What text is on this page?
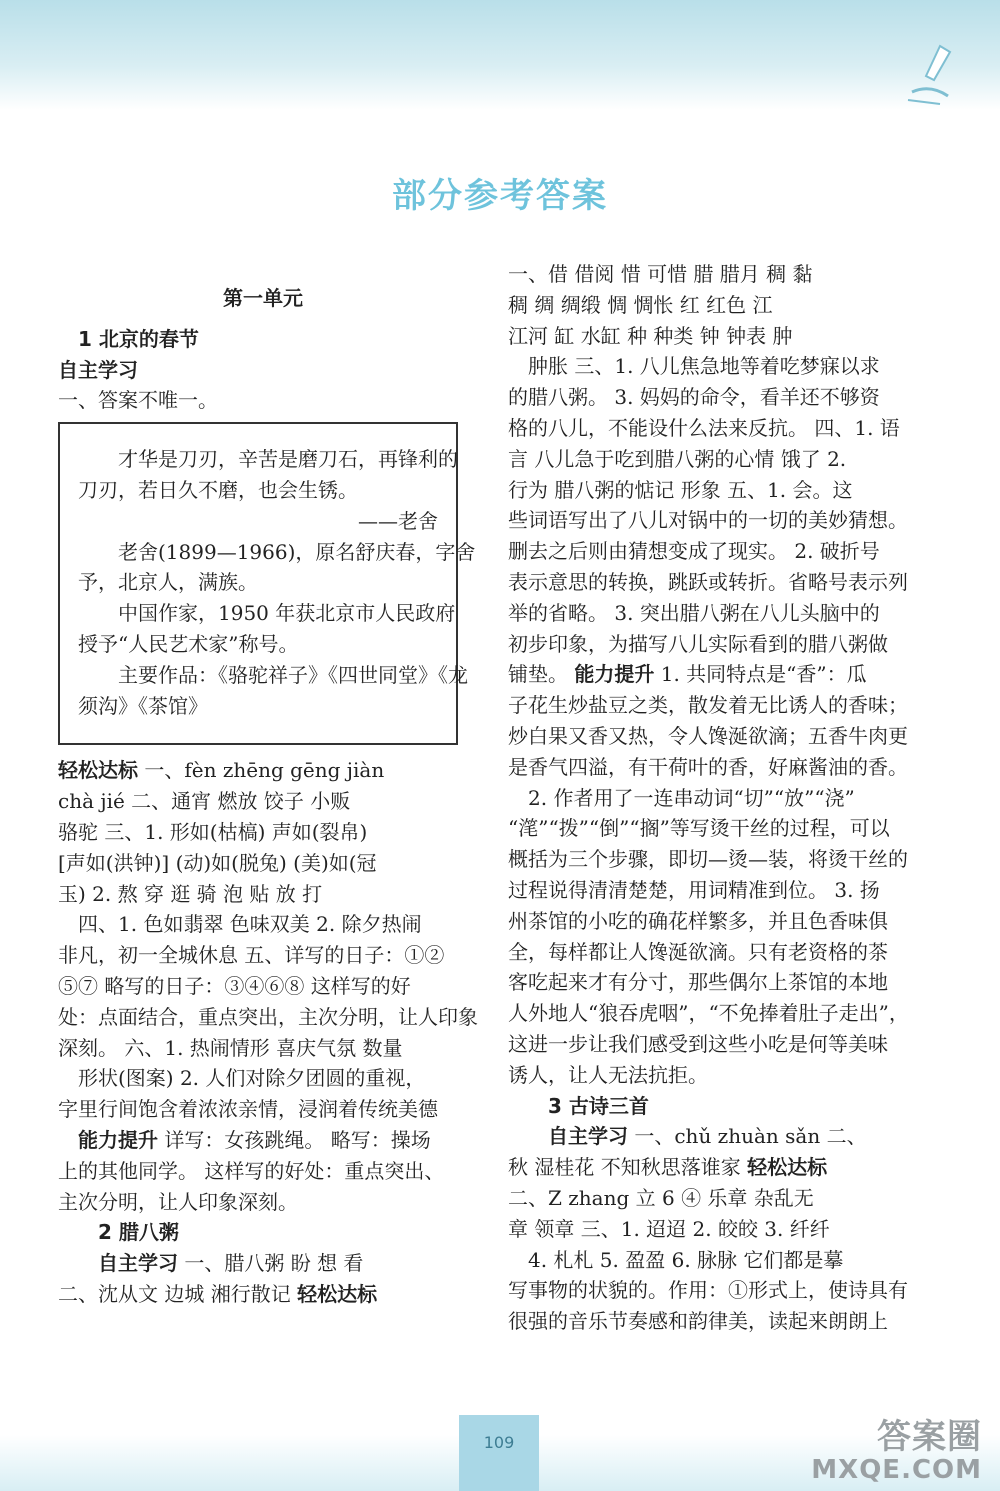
部分参考答案
第一单元
1 北京的春节
自主学习
一、答案不唯一。
才华是刀刃，辛苦是磨刀石，再锋利的
刀刃，若日久不磨，也会生锈。
——老舍
老舍(1899—1966)，原名舒庆春，字舍
予，北京人，满族。
中国作家，1950 年获北京市人民政府
授予“人民艺术家”称号。
主要作品：《骆驼祥子》《四世同堂》《龙
须沟》《茶馆》
轻松达标 一、fèn zhēng gēng jiàn
chà jié 二、通宵 燃放 饺子 小贩
骆驼 三、1. 形如(枯槁) 声如(裂帛)
[声如(洪钟)] (动)如(脱兔) (美)如(冠
玉) 2. 熬 穿 逛 骑 泡 贴 放 打
四、1. 色如翡翠 色味双美 2. 除夕热闹
非凡，初一全城休息 五、详写的日子：①②
⑤⑦ 略写的日子：③④⑥⑧ 这样写的好
处：点面结合，重点突出，主次分明，让人印象
深刻。 六、1. 热闹情形 喜庆气氛 数量
形状(图案) 2. 人们对除夕团圆的重视，
字里行间饱含着浓浓亲情，浸润着传统美德
能力提升 详写：女孩跳绳。 略写：操场
上的其他同学。 这样写的好处：重点突出、
主次分明，让人印象深刻。
2 腊八粥
自主学习 一、腊八粥 盼 想 看
二、沈从文 边城 湘行散记 轻松达标
一、借 借阅 惜 可惜 腊 腊月 稠 黏
稠 绸 绸缎 惆 惆怅 红 红色 江
江河 缸 水缸 种 种类 钟 钟表 肿
肿胀 三、1. 八儿焦急地等着吃梦寐以求
的腊八粥。 3. 妈妈的命令，看羊还不够资
格的八儿，不能设什么法来反抗。 四、1. 语
言 八儿急于吃到腊八粥的心情 饿了 2.
行为 腊八粥的惦记 形象 五、1. 会。这
些词语写出了八儿对锅中的一切的美妙猜想。
删去之后则由猜想变成了现实。 2. 破折号
表示意思的转换，跳跃或转折。省略号表示列
举的省略。 3. 突出腊八粥在八儿头脑中的
初步印象，为描写八儿实际看到的腊八粥做
铺垫。 能力提升 1. 共同特点是“香”：瓜
子花生炒盐豆之类，散发着无比诱人的香味；
炒白果又香又热，令人馋涎欲滴；五香牛肉更
是香气四溢，有干荷叶的香，好麻酱油的香。
2. 作者用了一连串动词“切”“放”“浇”
“滗”“拨”“倒”“搁”等写烫干丝的过程，可以
概括为三个步骤，即切—烫—装，将烫干丝的
过程说得清清楚楚，用词精准到位。 3. 扬
州茶馆的小吃的确花样繁多，并且色香味俱
全，每样都让人馋涎欲滴。只有老资格的茶
客吃起来才有分寸，那些偶尔上茶馆的本地
人外地人“狼吞虎咽”，“不免捧着肚子走出”，
这进一步让我们感受到这些小吃是何等美味
诱人，让人无法抗拒。
3 古诗三首
自主学习 一、chǔ zhuàn sǎn 二、
秋 湿桂花 不知秋思落谁家 轻松达标
二、Z zhang 立 6 ④ 乐章 杂乱无
章 领章 三、1. 迢迢 2. 皎皎 3. 纤纤
4. 札札 5. 盈盈 6. 脉脉 它们都是摹
写事物的状貌的。作用：①形式上，使诗具有
很强的音乐节奏感和韵律美，读起来朗朗上
109	答案圈
MXQE.COM
